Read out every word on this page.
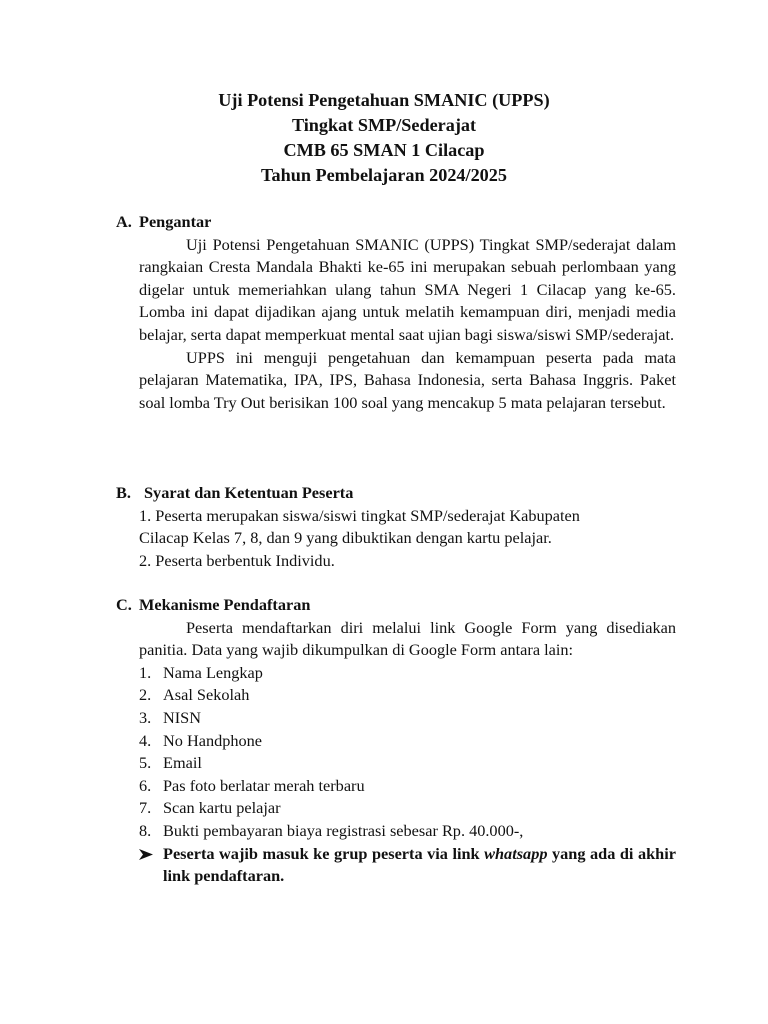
Uji Potensi Pengetahuan SMANIC (UPPS)

Tingkat SMP/Sederajat

CMB 65 SMAN 1 Cilacap

Tahun Pembelajaran 2024/2025

A. Pengantar

Uji Potensi Pengetahuan SMANIC (UPPS) Tingkat SMP/sederajat dalam rangkaian Cresta Mandala Bhakti ke-65 ini merupakan sebuah perlombaan yang digelar untuk memeriahkan ulang tahun SMA Negeri 1 Cilacap yang ke-65. Lomba ini dapat dijadikan ajang untuk melatih kemampuan diri, menjadi media belajar, serta dapat memperkuat mental saat ujian bagi siswa/siswi SMP/sederajat.

UPPS ini menguji pengetahuan dan kemampuan peserta pada mata pelajaran Matematika, IPA, IPS, Bahasa Indonesia, serta Bahasa Inggris. Paket soal lomba Try Out berisikan 100 soal yang mencakup 5 mata pelajaran tersebut.

B. Syarat dan Ketentuan Peserta

1. Peserta merupakan siswa/siswi tingkat SMP/sederajat Kabupaten

Cilacap Kelas 7, 8, dan 9 yang dibuktikan dengan kartu pelajar.

2. Peserta berbentuk Individu.

C. Mekanisme Pendaftaran

Peserta mendaftarkan diri melalui link Google Form yang disediakan panitia. Data yang wajib dikumpulkan di Google Form antara lain:

1. Nama Lengkap
2. Asal Sekolah
3. NISN
4. No Handphone
5. Email
6. Pas foto berlatar merah terbaru
7. Scan kartu pelajar
8. Bukti pembayaran biaya registrasi sebesar Rp. 40.000-,
Peserta wajib masuk ke grup peserta via link whatsapp yang ada di akhir link pendaftaran.
